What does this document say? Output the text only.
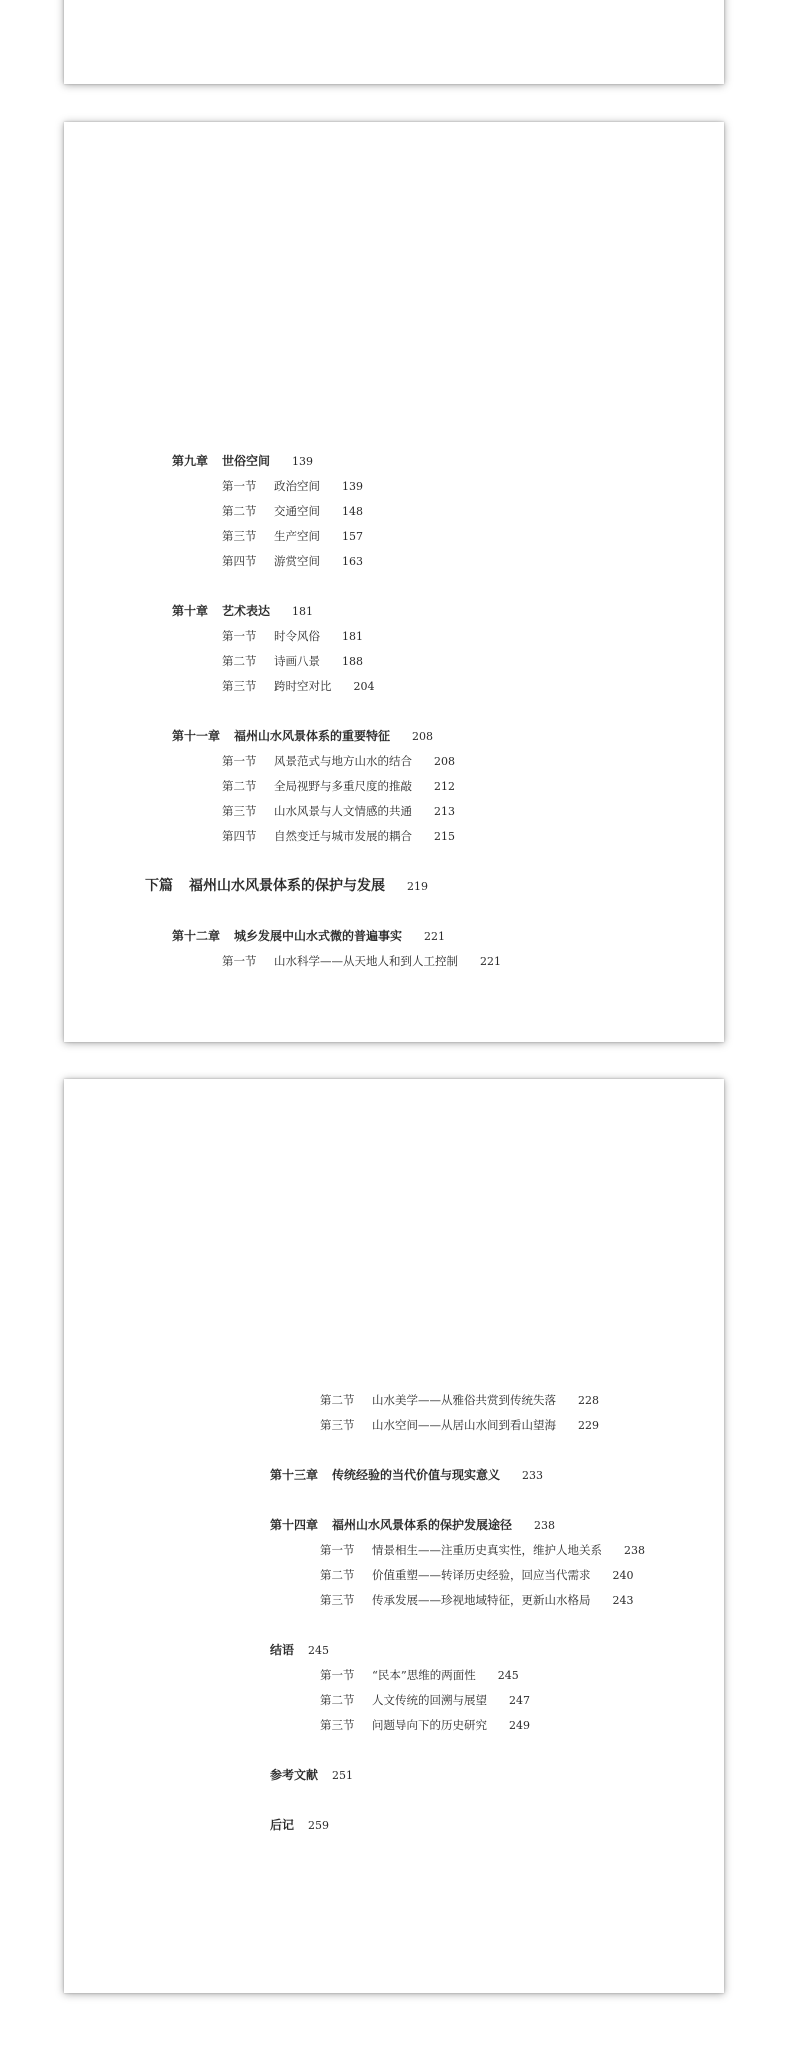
第九章 世俗空间 139
第一节 政治空间 139
第二节 交通空间 148
第三节 生产空间 157
第四节 游赏空间 163
第十章 艺术表达 181
第一节 时令风俗 181
第二节 诗画八景 188
第三节 跨时空对比 204
第十一章 福州山水风景体系的重要特征 208
第一节 风景范式与地方山水的结合 208
第二节 全局视野与多重尺度的推敲 212
第三节 山水风景与人文情感的共通 213
第四节 自然变迁与城市发展的耦合 215
下篇 福州山水风景体系的保护与发展 219
第十二章 城乡发展中山水式微的普遍事实 221
第一节 山水科学——从天地人和到人工控制 221
第二节 山水美学——从雅俗共赏到传统失落 228
第三节 山水空间——从居山水间到看山望海 229
第十三章 传统经验的当代价值与现实意义 233
第十四章 福州山水风景体系的保护发展途径 238
第一节 情景相生——注重历史真实性，维护人地关系 238
第二节 价值重塑——转译历史经验，回应当代需求 240
第三节 传承发展——珍视地域特征，更新山水格局 243
结语 245
第一节 “民本”思维的两面性 245
第二节 人文传统的回溯与展望 247
第三节 问题导向下的历史研究 249
参考文献 251
后记 259
